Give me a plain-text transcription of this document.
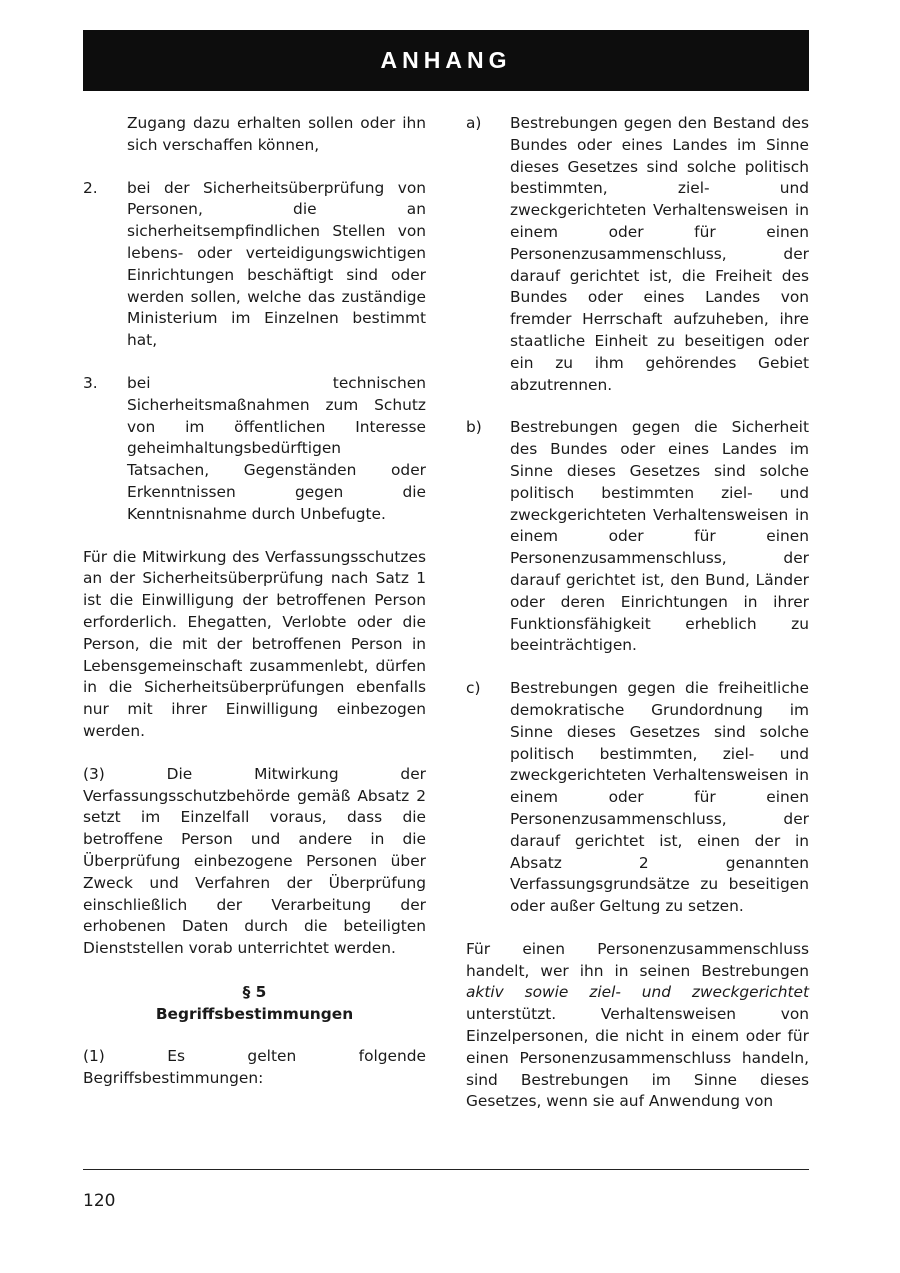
ANHANG
Zugang dazu erhalten sollen oder ihn sich verschaffen können,
2.	bei der Sicherheitsüberprüfung von Personen, die an sicherheitsempfindlichen Stellen von lebens- oder verteidigungswichtigen Einrichtungen beschäftigt sind oder werden sollen, welche das zuständige Ministerium im Einzelnen bestimmt hat,
3.	bei technischen Sicherheitsmaßnahmen zum Schutz von im öffentlichen Interesse geheimhaltungsbedürftigen Tatsachen, Gegenständen oder Erkenntnissen gegen die Kenntnisnahme durch Unbefugte.
Für die Mitwirkung des Verfassungsschutzes an der Sicherheitsüberprüfung nach Satz 1 ist die Einwilligung der betroffenen Person erforderlich. Ehegatten, Verlobte oder die Person, die mit der betroffenen Person in Lebensgemeinschaft zusammenlebt, dürfen in die Sicherheitsüberprüfungen ebenfalls nur mit ihrer Einwilligung einbezogen werden.
(3) Die Mitwirkung der Verfassungsschutzbehörde gemäß Absatz 2 setzt im Einzelfall voraus, dass die betroffene Person und andere in die Überprüfung einbezogene Personen über Zweck und Verfahren der Überprüfung einschließlich der Verarbeitung der erhobenen Daten durch die beteiligten Dienststellen vorab unterrichtet werden.
§ 5
Begriffsbestimmungen
(1) Es gelten folgende Begriffsbestimmungen:
a)	Bestrebungen gegen den Bestand des Bundes oder eines Landes im Sinne dieses Gesetzes sind solche politisch bestimmten, ziel- und zweckgerichteten Verhaltensweisen in einem oder für einen Personenzusammenschluss, der darauf gerichtet ist, die Freiheit des Bundes oder eines Landes von fremder Herrschaft aufzuheben, ihre staatliche Einheit zu beseitigen oder ein zu ihm gehörendes Gebiet abzutrennen.
b)	Bestrebungen gegen die Sicherheit des Bundes oder eines Landes im Sinne dieses Gesetzes sind solche politisch bestimmten ziel- und zweckgerichteten Verhaltensweisen in einem oder für einen Personenzusammenschluss, der darauf gerichtet ist, den Bund, Länder oder deren Einrichtungen in ihrer Funktionsfähigkeit erheblich zu beeinträchtigen.
c)	Bestrebungen gegen die freiheitliche demokratische Grundordnung im Sinne dieses Gesetzes sind solche politisch bestimmten, ziel- und zweckgerichteten Verhaltensweisen in einem oder für einen Personenzusammenschluss, der darauf gerichtet ist, einen der in Absatz 2 genannten Verfassungsgrundsätze zu beseitigen oder außer Geltung zu setzen.
Für einen Personenzusammenschluss handelt, wer ihn in seinen Bestrebungen aktiv sowie ziel- und zweckgerichtet unterstützt. Verhaltensweisen von Einzelpersonen, die nicht in einem oder für einen Personenzusammenschluss handeln, sind Bestrebungen im Sinne dieses Gesetzes, wenn sie auf Anwendung von
120
